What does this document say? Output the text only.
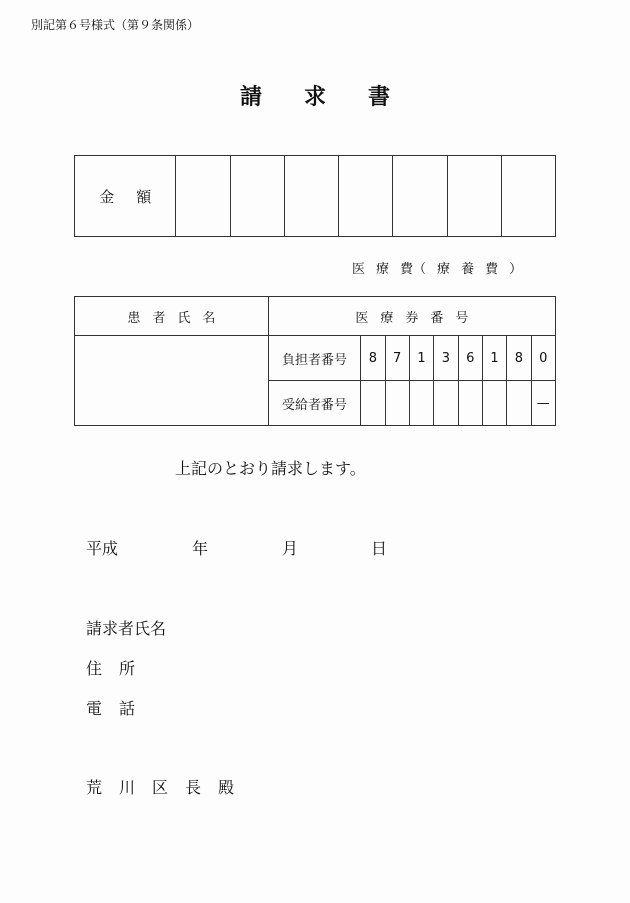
別記第６号様式（第９条関係）
請 求 書
金 額							
医 療 費（ 療 養 費 ）
患 者 氏 名	医 療 券 番 号								
	負担者番号	8	7	1	3	6	1	8	0
	受給者番号								—
上記のとおり請求します。
平成	年	月	日
請求者氏名
住 所
電 話
荒 川 区 長 殿
